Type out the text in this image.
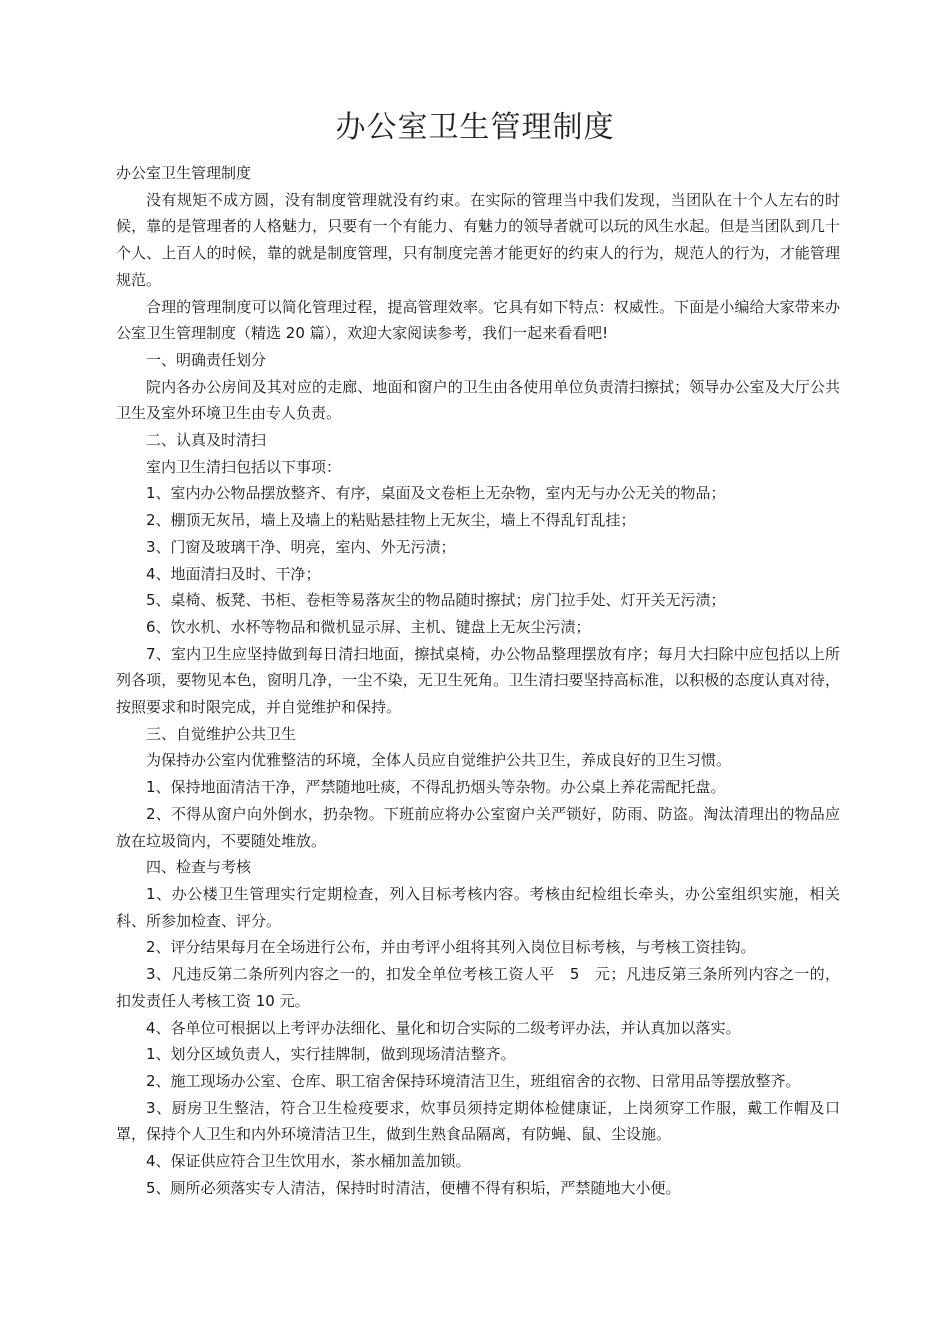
办公室卫生管理制度

办公室卫生管理制度

没有规矩不成方圆，没有制度管理就没有约束。在实际的管理当中我们发现，当团队在十个人左右的时候，靠的是管理者的人格魅力，只要有一个有能力、有魅力的领导者就可以玩的风生水起。但是当团队到几十个人、上百人的时候，靠的就是制度管理，只有制度完善才能更好的约束人的行为，规范人的行为，才能管理规范。

合理的管理制度可以简化管理过程，提高管理效率。它具有如下特点：权威性。下面是小编给大家带来办公室卫生管理制度（精选 20 篇），欢迎大家阅读参考，我们一起来看看吧!

一、明确责任划分

院内各办公房间及其对应的走廊、地面和窗户的卫生由各使用单位负责清扫擦拭；领导办公室及大厅公共卫生及室外环境卫生由专人负责。

二、认真及时清扫

室内卫生清扫包括以下事项：

1、室内办公物品摆放整齐、有序，桌面及文卷柜上无杂物，室内无与办公无关的物品；

2、棚顶无灰吊，墙上及墙上的粘贴悬挂物上无灰尘，墙上不得乱钉乱挂；

3、门窗及玻璃干净、明亮，室内、外无污渍；

4、地面清扫及时、干净；

5、桌椅、板凳、书柜、卷柜等易落灰尘的物品随时擦拭；房门拉手处、灯开关无污渍；

6、饮水机、水杯等物品和微机显示屏、主机、键盘上无灰尘污渍；

7、室内卫生应坚持做到每日清扫地面，擦拭桌椅，办公物品整理摆放有序；每月大扫除中应包括以上所列各项，要物见本色，窗明几净，一尘不染，无卫生死角。卫生清扫要坚持高标准，以积极的态度认真对待，按照要求和时限完成，并自觉维护和保持。

三、自觉维护公共卫生

为保持办公室内优雅整洁的环境，全体人员应自觉维护公共卫生，养成良好的卫生习惯。

1、保持地面清洁干净，严禁随地吐痰，不得乱扔烟头等杂物。办公桌上养花需配托盘。

2、不得从窗户向外倒水，扔杂物。下班前应将办公室窗户关严锁好，防雨、防盗。淘汰清理出的物品应放在垃圾筒内，不要随处堆放。

四、检查与考核

1、办公楼卫生管理实行定期检查，列入目标考核内容。考核由纪检组长牵头，办公室组织实施，相关科、所参加检查、评分。

2、评分结果每月在全场进行公布，并由考评小组将其列入岗位目标考核，与考核工资挂钩。

3、凡违反第二条所列内容之一的，扣发全单位考核工资人平　5　元；凡违反第三条所列内容之一的，扣发责任人考核工资 10 元。

4、各单位可根据以上考评办法细化、量化和切合实际的二级考评办法，并认真加以落实。

1、划分区域负责人，实行挂牌制，做到现场清洁整齐。

2、施工现场办公室、仓库、职工宿舍保持环境清洁卫生，班组宿舍的衣物、日常用品等摆放整齐。

3、厨房卫生整洁，符合卫生检疫要求，炊事员须持定期体检健康证，上岗须穿工作服，戴工作帽及口罩，保持个人卫生和内外环境清洁卫生，做到生熟食品隔离，有防蝇、鼠、尘设施。

4、保证供应符合卫生饮用水，茶水桶加盖加锁。

5、厕所必须落实专人清洁，保持时时清洁，便槽不得有积垢，严禁随地大小便。
